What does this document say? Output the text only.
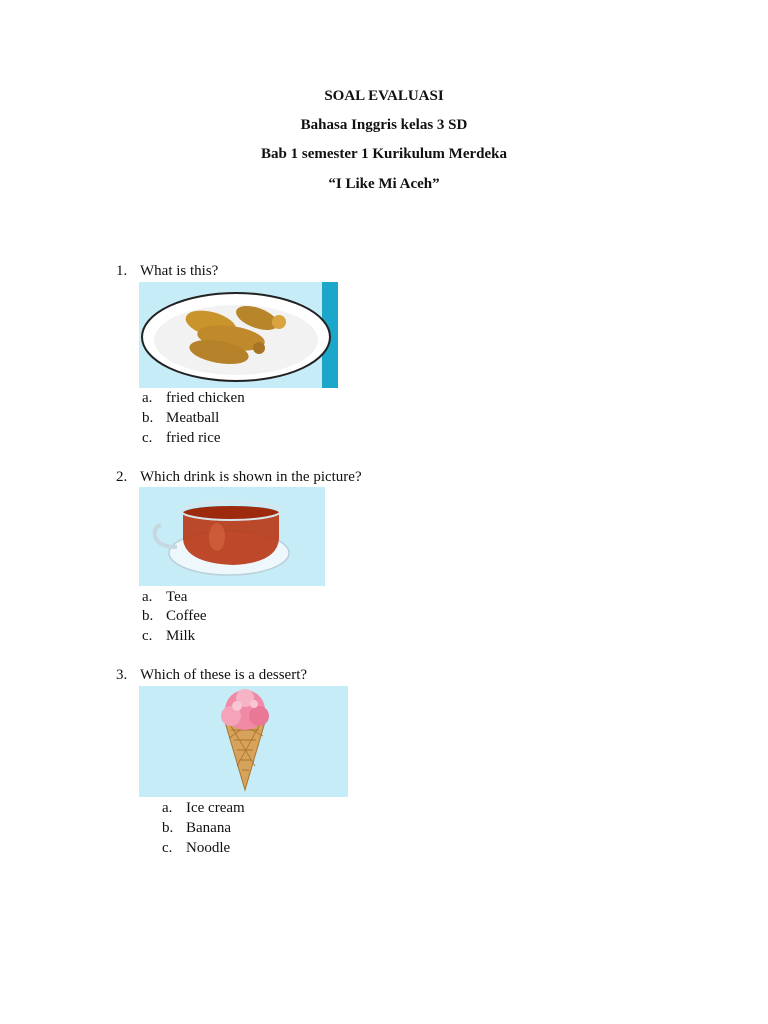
SOAL EVALUASI
Bahasa Inggris kelas 3 SD
Bab 1 semester 1 Kurikulum Merdeka
“I Like Mi Aceh”
1. What is this?
a. fried chicken
b. Meatball
c. fried rice
2. Which drink is shown in the picture?
a. Tea
b. Coffee
c. Milk
3. Which of these is a dessert?
a. Ice cream
b. Banana
c. Noodle
